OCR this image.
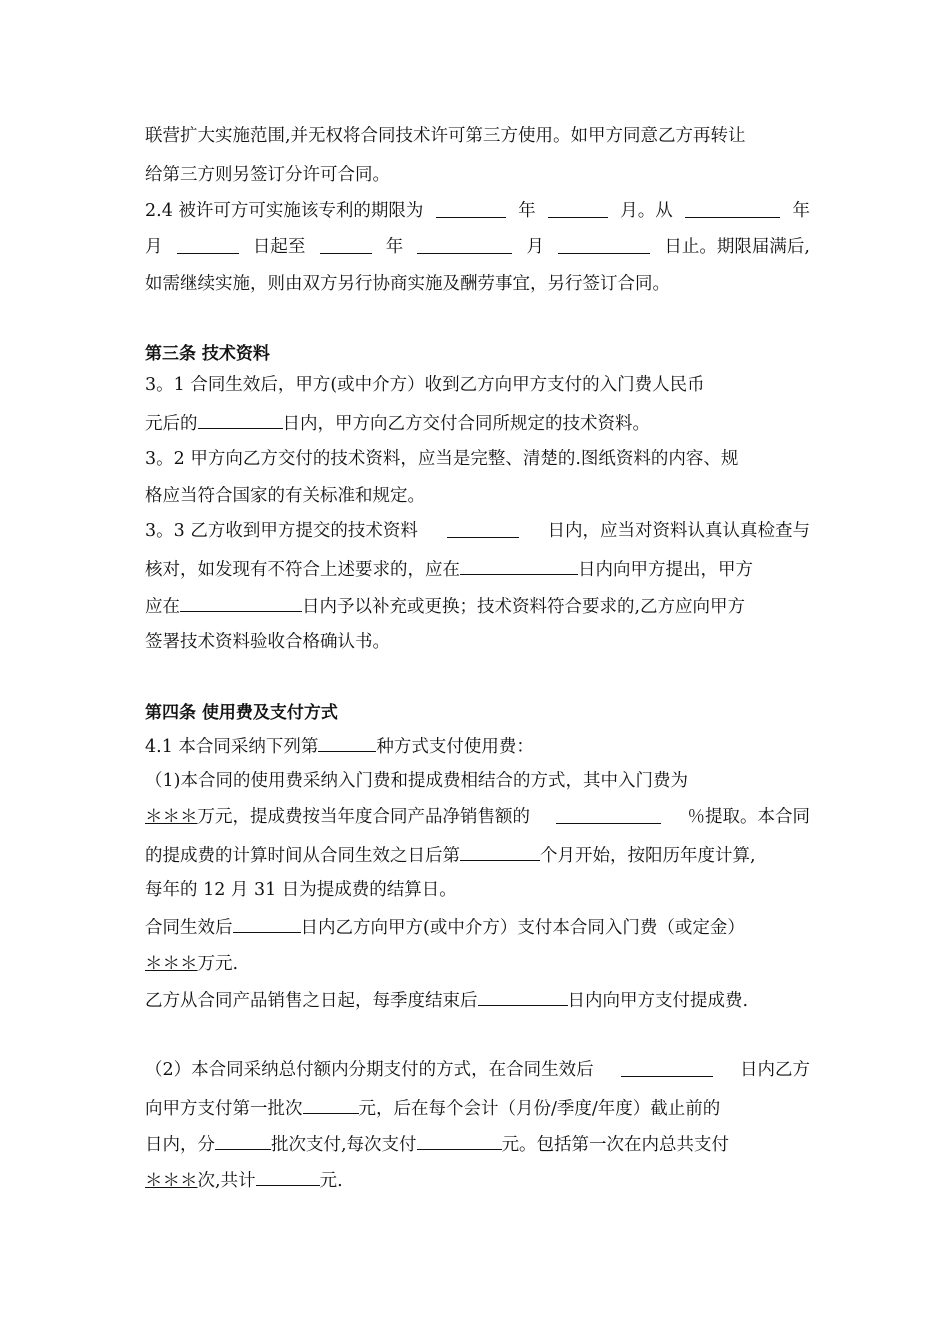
联营扩大实施范围,并无权将合同技术许可第三方使用。如甲方同意乙方再转让
给第三方则另签订分许可合同。
2.4 被许可方可实施该专利的期限为	年	月。从	年
月	日起至	年	月	日止。期限届满后,
如需继续实施，则由双方另行协商实施及酬劳事宜，另行签订合同。
第三条 技术资料
3。1 合同生效后，甲方(或中介方）收到乙方向甲方支付的入门费人民币
元后的	日内，甲方向乙方交付合同所规定的技术资料。
3。2 甲方向乙方交付的技术资料，应当是完整、清楚的.图纸资料的内容、规
格应当符合国家的有关标准和规定。
3。3 乙方收到甲方提交的技术资料	日内，应当对资料认真认真检查与
核对，如发现有不符合上述要求的，应在	日内向甲方提出，甲方
应在	日内予以补充或更换；技术资料符合要求的,乙方应向甲方
签署技术资料验收合格确认书。
第四条 使用费及支付方式
4.1 本合同采纳下列第	种方式支付使用费：
（1)本合同的使用费采纳入门费和提成费相结合的方式，其中入门费为
＊＊＊万元，提成费按当年度合同产品净销售额的	％提取。本合同
的提成费的计算时间从合同生效之日后第	个月开始，按阳历年度计算,
每年的 12 月 31 日为提成费的结算日。
合同生效后	日内乙方向甲方(或中介方）支付本合同入门费（或定金）
＊＊＊万元.
乙方从合同产品销售之日起，每季度结束后	日内向甲方支付提成费.
（2）本合同采纳总付额内分期支付的方式，在合同生效后	日内乙方
向甲方支付第一批次	元，后在每个会计（月份/季度/年度）截止前的
日内，分	批次支付,每次支付	元。包括第一次在内总共支付
＊＊＊次,共计	元.
